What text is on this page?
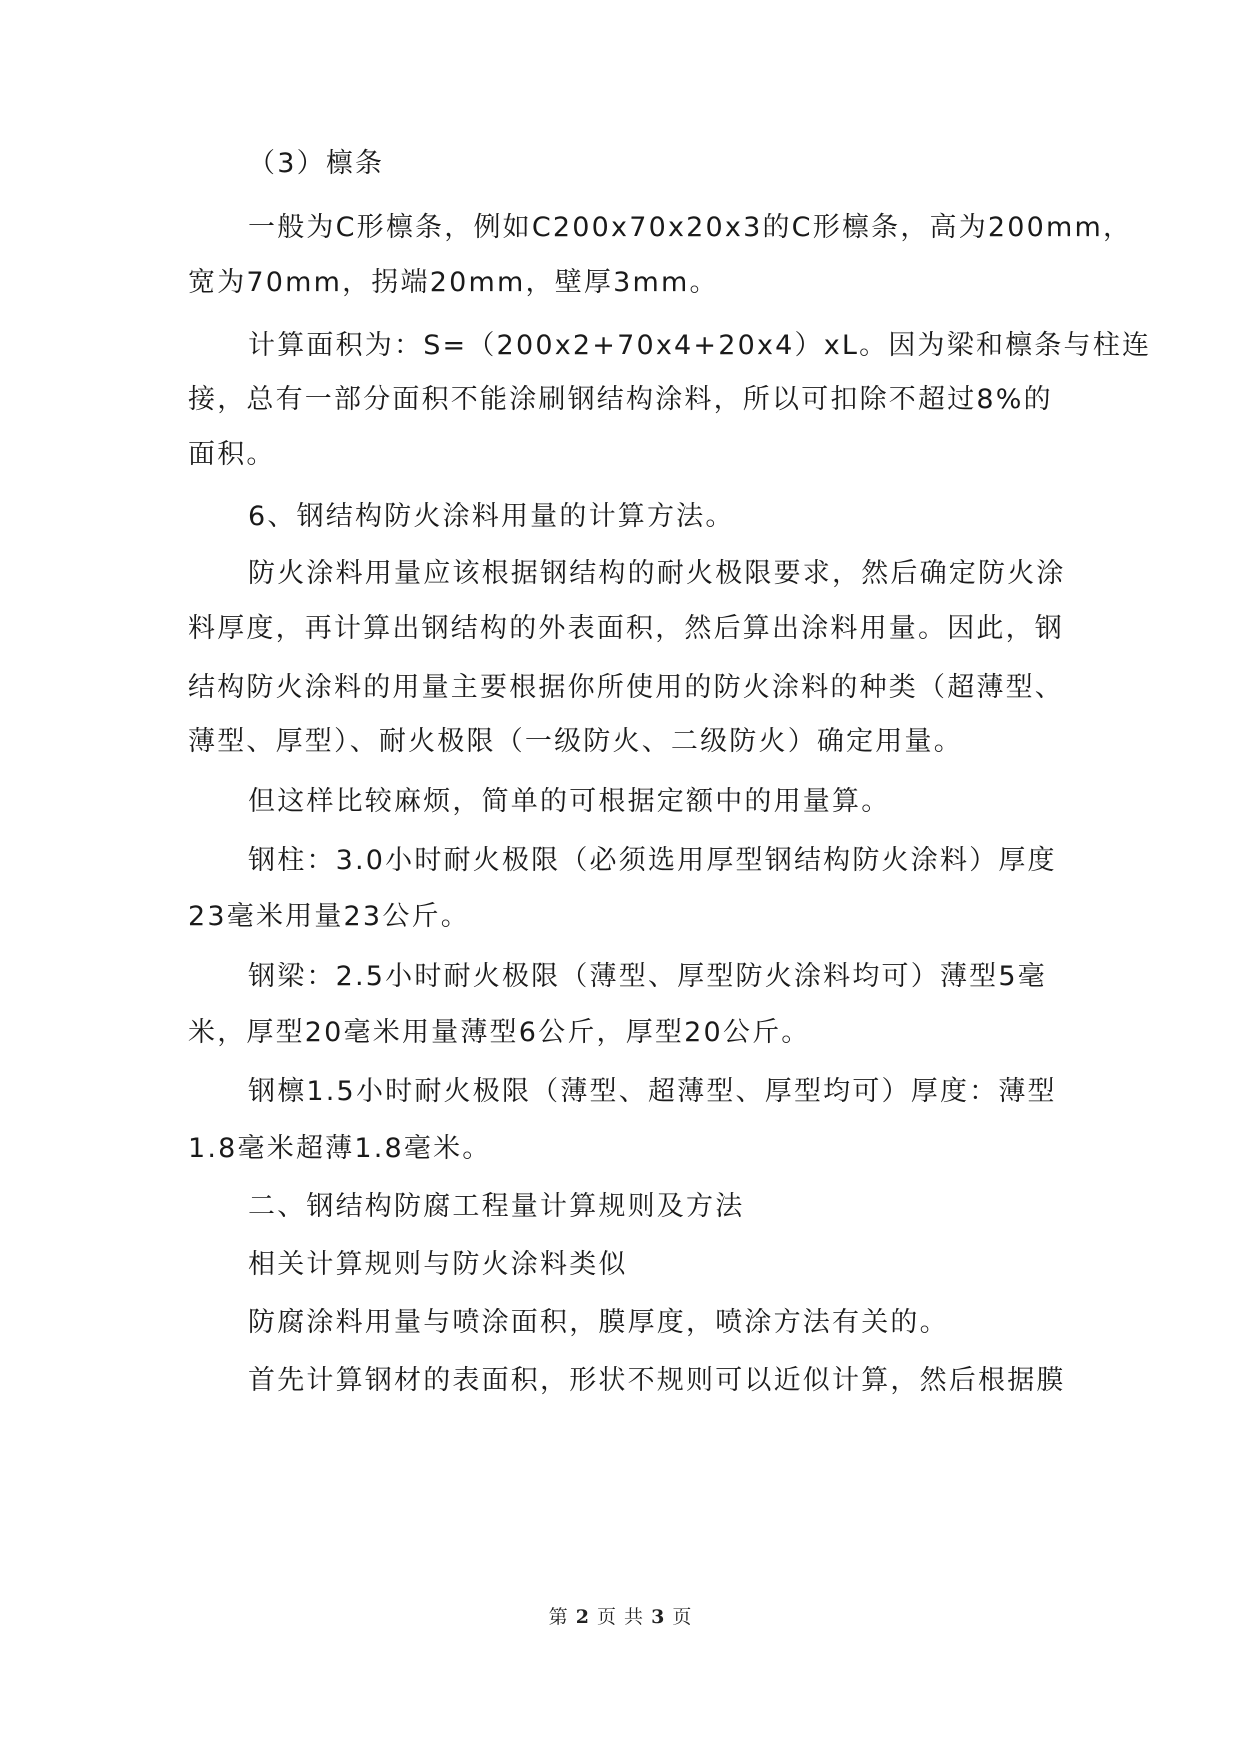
（3）檩条
一般为C形檩条，例如C200x70x20x3的C形檩条，高为200mm，
宽为70mm，拐端20mm，壁厚3mm。
计算面积为：S=（200x2+70x4+20x4）xL。因为梁和檩条与柱连
接，总有一部分面积不能涂刷钢结构涂料，所以可扣除不超过8%的
面积。
6、钢结构防火涂料用量的计算方法。
防火涂料用量应该根据钢结构的耐火极限要求，然后确定防火涂
料厚度，再计算出钢结构的外表面积，然后算出涂料用量。因此，钢
结构防火涂料的用量主要根据你所使用的防火涂料的种类（超薄型、
薄型、厚型）、耐火极限（一级防火、二级防火）确定用量。
但这样比较麻烦，简单的可根据定额中的用量算。
钢柱：3.0小时耐火极限（必须选用厚型钢结构防火涂料）厚度
23毫米用量23公斤。
钢梁：2.5小时耐火极限（薄型、厚型防火涂料均可）薄型5毫
米，厚型20毫米用量薄型6公斤，厚型20公斤。
钢檩1.5小时耐火极限（薄型、超薄型、厚型均可）厚度：薄型
1.8毫米超薄1.8毫米。
二、钢结构防腐工程量计算规则及方法
相关计算规则与防火涂料类似
防腐涂料用量与喷涂面积，膜厚度，喷涂方法有关的。
首先计算钢材的表面积，形状不规则可以近似计算，然后根据膜
第 2 页 共 3 页
